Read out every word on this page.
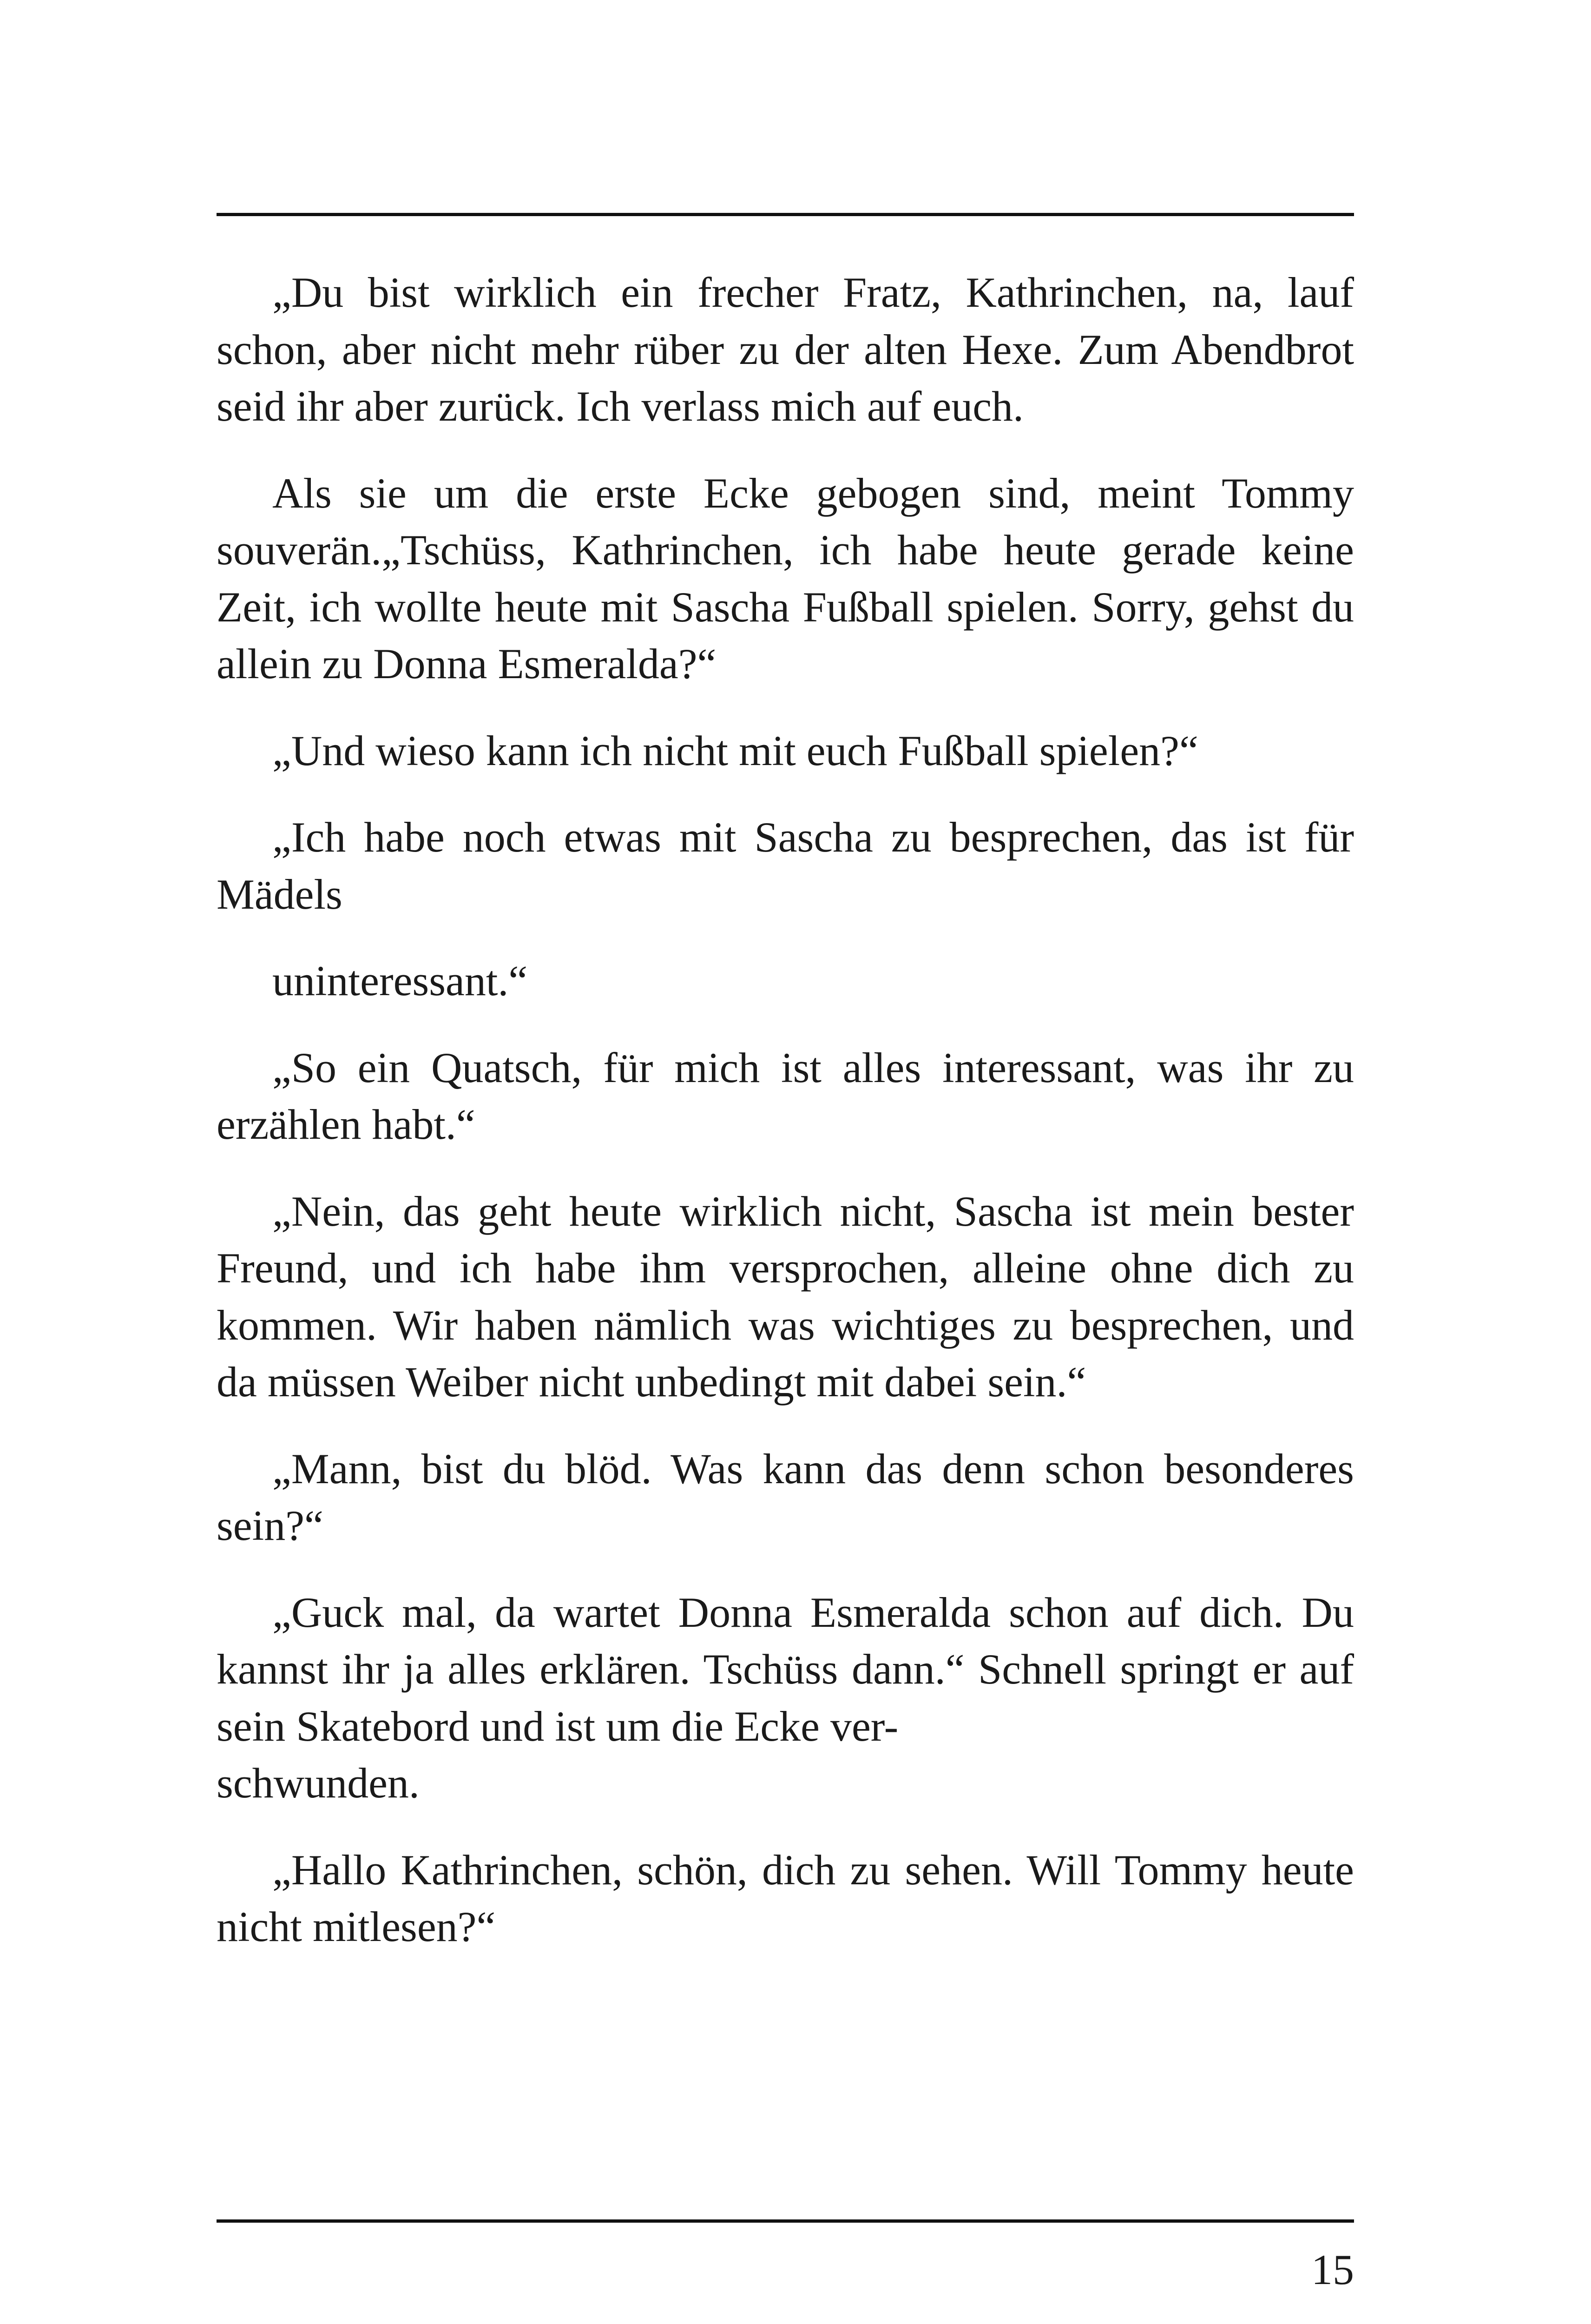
„Du bist wirklich ein frecher Fratz, Kathrinchen, na, lauf schon, aber nicht mehr rüber zu der alten Hexe. Zum Abendbrot seid ihr aber zurück. Ich verlass mich auf euch.

Als sie um die erste Ecke gebogen sind, meint Tommy souverän.„Tschüss, Kathrinchen, ich habe heute gerade keine Zeit, ich wollte heute mit Sascha Fußball spielen. Sorry, gehst du allein zu Donna Esmeralda?“

„Und wieso kann ich nicht mit euch Fußball spielen?“

„Ich habe noch etwas mit Sascha zu besprechen, das ist für Mädels

uninteressant.“

„So ein Quatsch, für mich ist alles interessant, was ihr zu erzählen habt.“

„Nein, das geht heute wirklich nicht, Sascha ist mein bester Freund, und ich habe ihm versprochen, alleine ohne dich zu kommen. Wir haben nämlich was wichtiges zu besprechen, und da müssen Weiber nicht unbedingt mit dabei sein.“

„Mann, bist du blöd. Was kann das denn schon besonderes sein?“

„Guck mal, da wartet Donna Esmeralda schon auf dich. Du kannst ihr ja alles erklären. Tschüss dann.“ Schnell springt er auf sein Skatebord und ist um die Ecke ver-
schwunden.

„Hallo Kathrinchen, schön, dich zu sehen. Will Tommy heute nicht mitlesen?“

15
